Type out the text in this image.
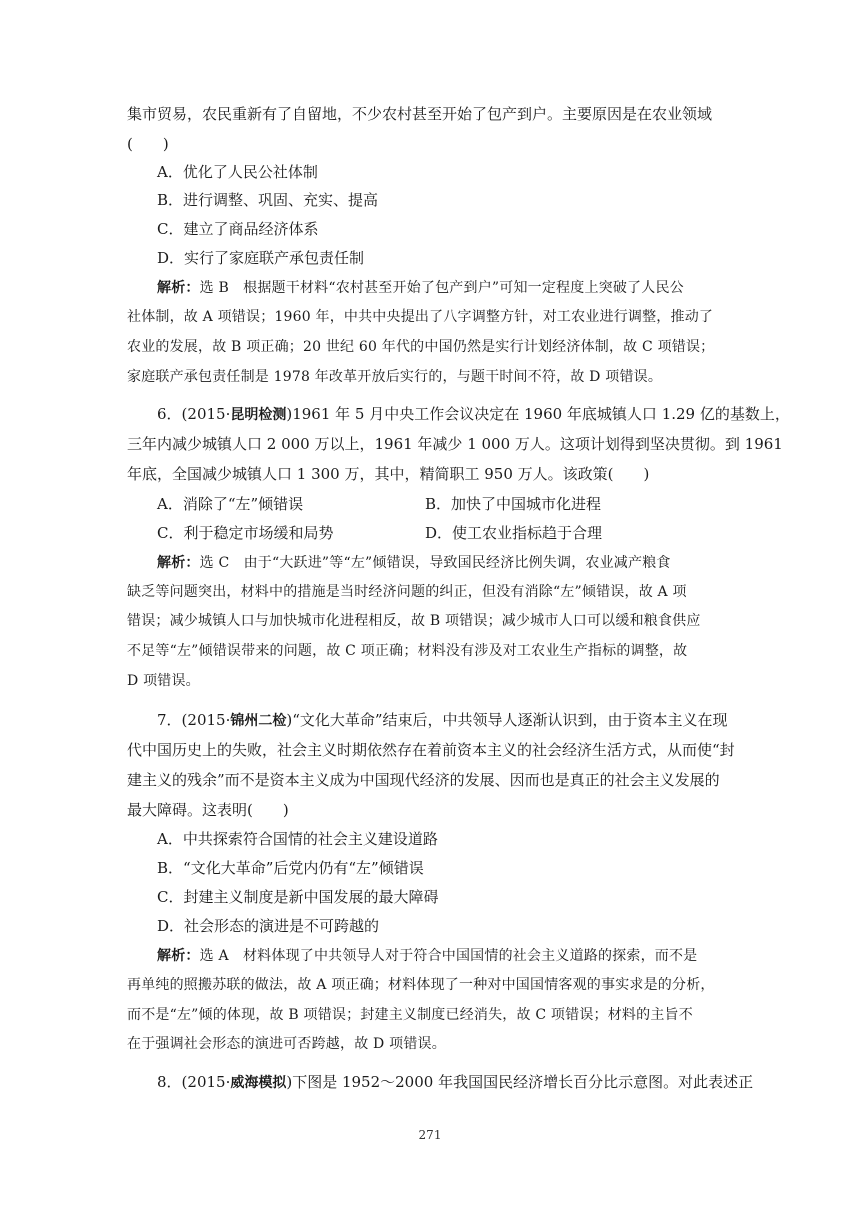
集市贸易，农民重新有了自留地，不少农村甚至开始了包产到户。主要原因是在农业领域
(　　)
A．优化了人民公社体制
B．进行调整、巩固、充实、提高
C．建立了商品经济体系
D．实行了家庭联产承包责任制
解析：选 B　根据题干材料“农村甚至开始了包产到户”可知一定程度上突破了人民公
社体制，故 A 项错误；1960 年，中共中央提出了八字调整方针，对工农业进行调整，推动了
农业的发展，故 B 项正确；20 世纪 60 年代的中国仍然是实行计划经济体制，故 C 项错误；
家庭联产承包责任制是 1978 年改革开放后实行的，与题干时间不符，故 D 项错误。
6．(2015·昆明检测)1961 年 5 月中央工作会议决定在 1960 年底城镇人口 1.29 亿的基数上，
三年内减少城镇人口 2 000 万以上，1961 年减少 1 000 万人。这项计划得到坚决贯彻。到 1961
年底，全国减少城镇人口 1 300 万，其中，精简职工 950 万人。该政策(　　)
A．消除了“左”倾错误	B．加快了中国城市化进程
C．利于稳定市场缓和局势	D．使工农业指标趋于合理
解析：选 C　由于“大跃进”等“左”倾错误，导致国民经济比例失调，农业减产粮食
缺乏等问题突出，材料中的措施是当时经济问题的纠正，但没有消除“左”倾错误，故 A 项
错误；减少城镇人口与加快城市化进程相反，故 B 项错误；减少城市人口可以缓和粮食供应
不足等“左”倾错误带来的问题，故 C 项正确；材料没有涉及对工农业生产指标的调整，故
D 项错误。
7．(2015·锦州二检)“文化大革命”结束后，中共领导人逐渐认识到，由于资本主义在现
代中国历史上的失败，社会主义时期依然存在着前资本主义的社会经济生活方式，从而使“封
建主义的残余”而不是资本主义成为中国现代经济的发展、因而也是真正的社会主义发展的
最大障碍。这表明(　　)
A．中共探索符合国情的社会主义建设道路
B．“文化大革命”后党内仍有“左”倾错误
C．封建主义制度是新中国发展的最大障碍
D．社会形态的演进是不可跨越的
解析：选 A　材料体现了中共领导人对于符合中国国情的社会主义道路的探索，而不是
再单纯的照搬苏联的做法，故 A 项正确；材料体现了一种对中国国情客观的事实求是的分析，
而不是“左”倾的体现，故 B 项错误；封建主义制度已经消失，故 C 项错误；材料的主旨不
在于强调社会形态的演进可否跨越，故 D 项错误。
8．(2015·威海模拟)下图是 1952～2000 年我国国民经济增长百分比示意图。对此表述正
271
